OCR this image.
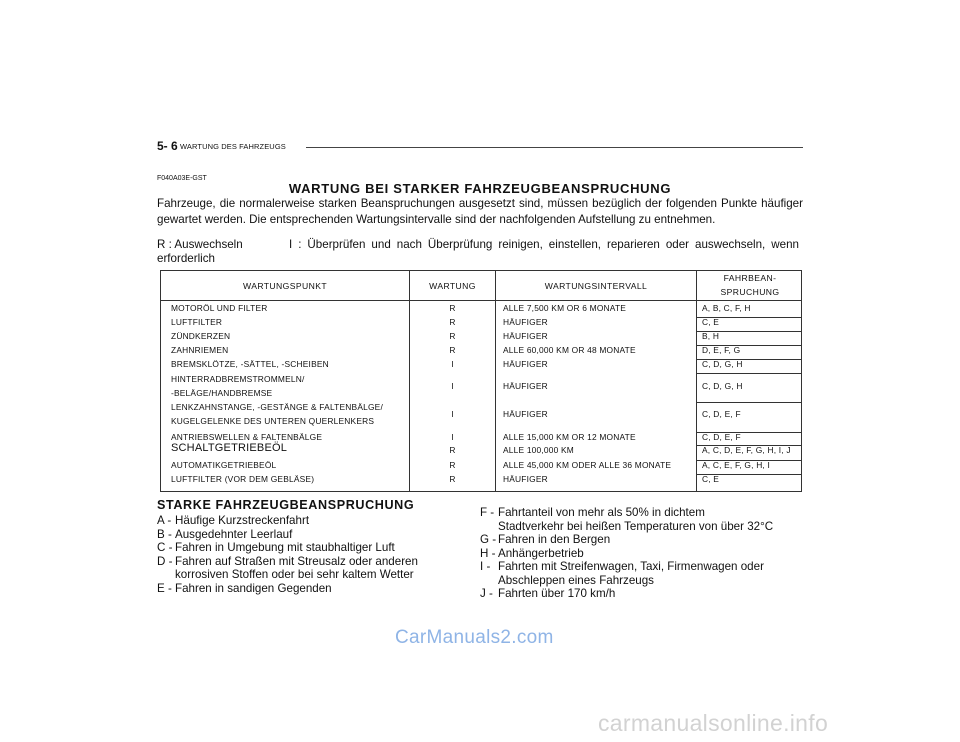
5- 6 WARTUNG DES FAHRZEUGS
F040A03E-GST
WARTUNG BEI STARKER FAHRZEUGBEANSPRUCHUNG
Fahrzeuge, die normalerweise starken Beanspruchungen ausgesetzt sind, müssen bezüglich der folgenden Punkte häufiger gewartet werden. Die entsprechenden Wartungsintervalle sind der nachfolgenden Aufstellung zu entnehmen.
R : Auswechseln	I : Überprüfen und nach Überprüfung reinigen, einstellen, reparieren oder auswechseln, wenn
erforderlich
WARTUNGSPUNKT	WARTUNG	WARTUNGSINTERVALL
FAHRBEAN-
SPRUCHUNG
MOTORÖL UND FILTER	R	ALLE 7,500 KM OR 6 MONATE	A, B, C, F, H
LUFTFILTER	R	HÄUFIGER	C, E
ZÜNDKERZEN	R	HÄUFIGER	B, H
ZAHNRIEMEN	R	ALLE 60,000 KM OR 48 MONATE	D, E, F, G
BREMSKLÖTZE, -SÄTTEL, -SCHEIBEN	I	HÄUFIGER	C, D, G, H
HINTERRADBREMSTROMMELN/
-BELÄGE/HANDBREMSE
I	HÄUFIGER	C, D, G, H
LENKZAHNSTANGE, -GESTÄNGE & FALTENBÄLGE/
KUGELGELENKE DES UNTEREN QUERLENKERS
I	HÄUFIGER	C, D, E, F
ANTRIEBSWELLEN & FALTENBÄLGE	I	ALLE 15,000 KM OR 12 MONATE	C, D, E, F
SCHALTGETRIEBEÖL	R	ALLE 100,000 KM	A, C, D, E, F, G, H, I, J
AUTOMATIKGETRIEBEÖL	R	ALLE 45,000 KM ODER ALLE 36 MONATE	A, C, E, F, G, H, I
LUFTFILTER (VOR DEM GEBLÄSE)	R	HÄUFIGER	C, E
STARKE FAHRZEUGBEANSPRUCHUNG
A - Häufige Kurzstreckenfahrt
B - Ausgedehnter Leerlauf
C - Fahren in Umgebung mit staubhaltiger Luft
D - Fahren auf Straßen mit Streusalz oder anderen
korrosiven Stoffen oder bei sehr kaltem Wetter
E - Fahren in sandigen Gegenden
F - Fahrtanteil von mehr als 50% in dichtem
Stadtverkehr bei heißen Temperaturen von über 32°C
G - Fahren in den Bergen
H - Anhängerbetrieb
I - Fahrten mit Streifenwagen, Taxi, Firmenwagen oder
Abschleppen eines Fahrzeugs
J - Fahrten über 170 km/h
CarManuals2.com
carmanualsonline.info
